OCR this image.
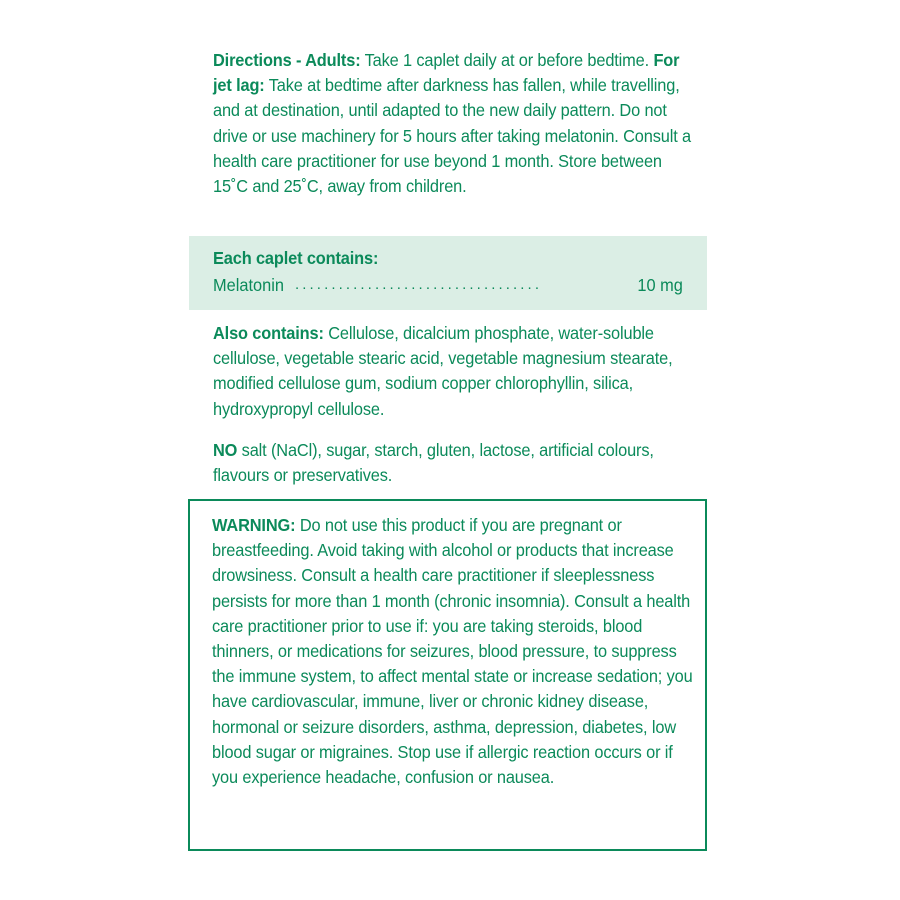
Directions - Adults: Take 1 caplet daily at or before bedtime. For jet lag: Take at bedtime after darkness has fallen, while travelling, and at destination, until adapted to the new daily pattern. Do not drive or use machinery for 5 hours after taking melatonin. Consult a health care practitioner for use beyond 1 month. Store between 15˚C and 25˚C, away from children.
Each caplet contains:
Melatonin ..................................	10 mg
Also contains: Cellulose, dicalcium phosphate, water-soluble cellulose, vegetable stearic acid, vegetable magnesium stearate, modified cellulose gum, sodium copper chlorophyllin, silica, hydroxypropyl cellulose.
NO salt (NaCl), sugar, starch, gluten, lactose, artificial colours, flavours or preservatives.
WARNING: Do not use this product if you are pregnant or breastfeeding. Avoid taking with alcohol or products that increase drowsiness. Consult a health care practitioner if sleeplessness persists for more than 1 month (chronic insomnia). Consult a health care practitioner prior to use if: you are taking steroids, blood thinners, or medications for seizures, blood pressure, to suppress the immune system, to affect mental state or increase sedation; you have cardiovascular, immune, liver or chronic kidney disease, hormonal or seizure disorders, asthma, depression, diabetes, low blood sugar or migraines. Stop use if allergic reaction occurs or if you experience headache, confusion or nausea.
